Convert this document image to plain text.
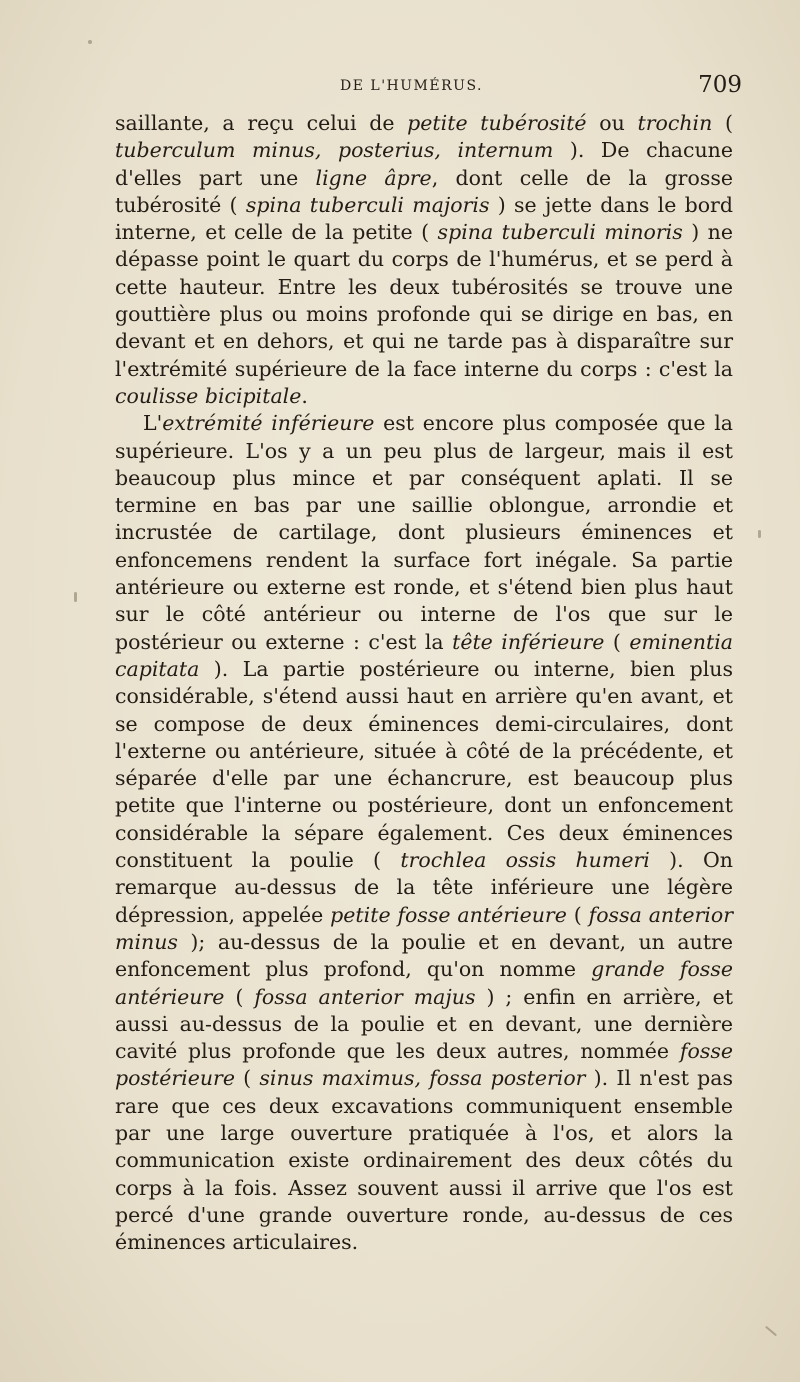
DE L'HUMÉRUS.	709

saillante, a reçu celui de petite tubérosité ou trochin ( tuberculum minus, posterius, internum ). De chacune d'elles part une ligne âpre, dont celle de la grosse tubérosité ( spina tuberculi majoris ) se jette dans le bord interne, et celle de la petite ( spina tuberculi minoris ) ne dépasse point le quart du corps de l'humérus, et se perd à cette hauteur. Entre les deux tubérosités se trouve une gouttière plus ou moins profonde qui se dirige en bas, en devant et en dehors, et qui ne tarde pas à disparaître sur l'extrémité supérieure de la face interne du corps : c'est la coulisse bicipitale.

L'extrémité inférieure est encore plus composée que la supérieure. L'os y a un peu plus de largeur, mais il est beaucoup plus mince et par conséquent aplati. Il se termine en bas par une saillie oblongue, arrondie et incrustée de cartilage, dont plusieurs éminences et enfoncemens rendent la surface fort inégale. Sa partie antérieure ou externe est ronde, et s'étend bien plus haut sur le côté antérieur ou interne de l'os que sur le postérieur ou externe : c'est la tête inférieure ( eminentia capitata ). La partie postérieure ou interne, bien plus considérable, s'étend aussi haut en arrière qu'en avant, et se compose de deux éminences demi-circulaires, dont l'externe ou antérieure, située à côté de la précédente, et séparée d'elle par une échancrure, est beaucoup plus petite que l'interne ou postérieure, dont un enfoncement considérable la sépare également. Ces deux éminences constituent la poulie ( trochlea ossis humeri ). On remarque au-dessus de la tête inférieure une légère dépression, appelée petite fosse antérieure ( fossa anterior minus ); au-dessus de la poulie et en devant, un autre enfoncement plus profond, qu'on nomme grande fosse antérieure ( fossa anterior majus ) ; enfin en arrière, et aussi au-dessus de la poulie et en devant, une dernière cavité plus profonde que les deux autres, nommée fosse postérieure ( sinus maximus, fossa posterior ). Il n'est pas rare que ces deux excavations communiquent ensemble par une large ouverture pratiquée à l'os, et alors la communication existe ordinairement des deux côtés du corps à la fois. Assez souvent aussi il arrive que l'os est percé d'une grande ouverture ronde, au-dessus de ces éminences articulaires.
